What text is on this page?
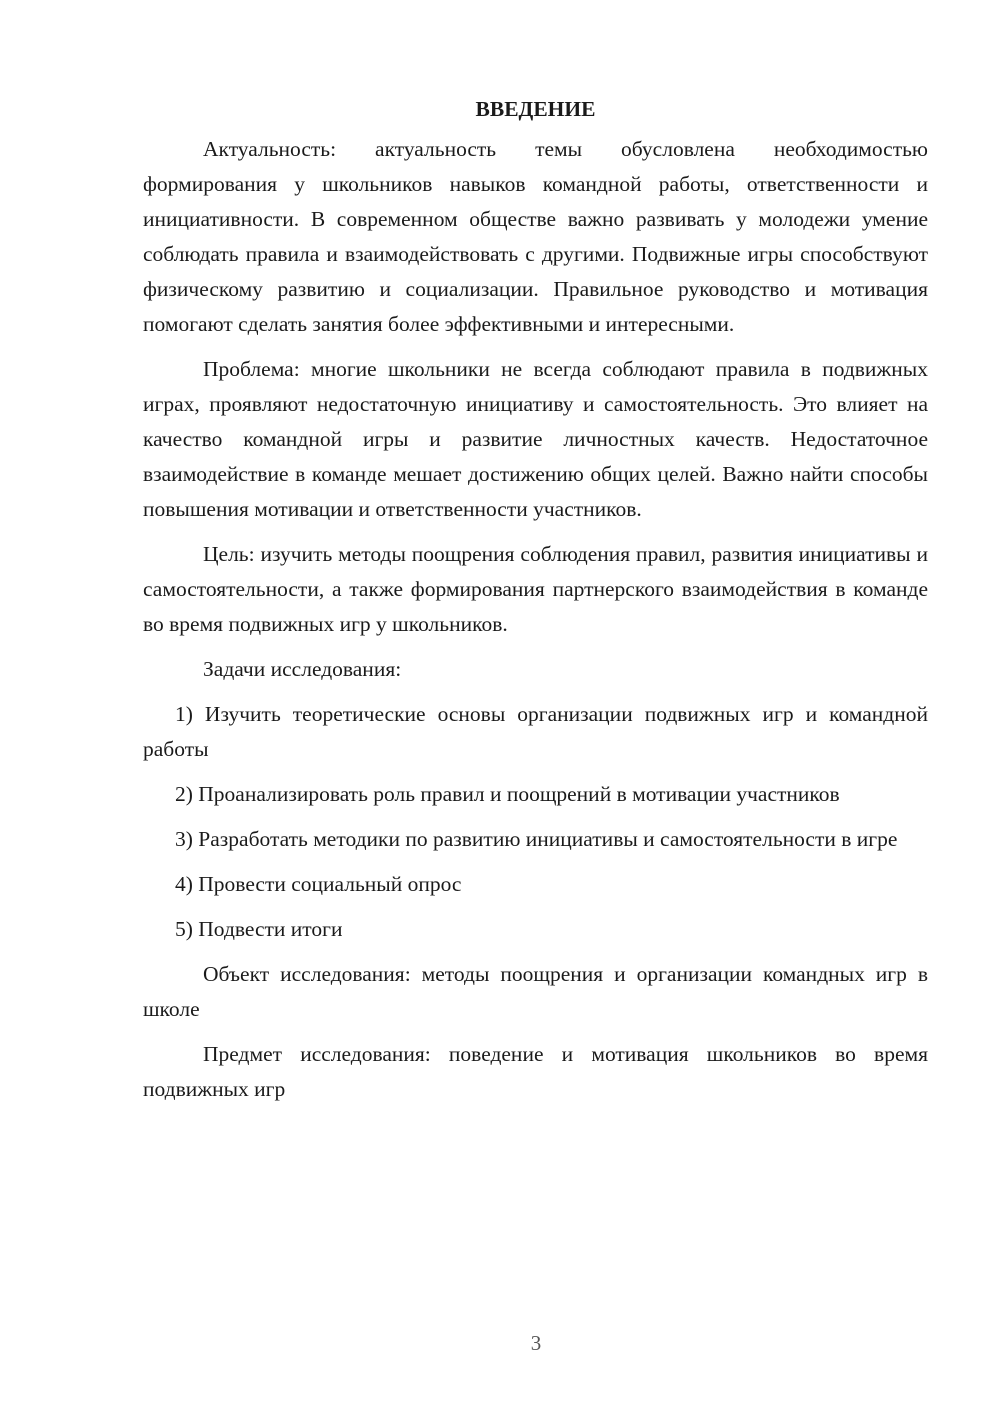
ВВЕДЕНИЕ

Актуальность: актуальность темы обусловлена необходимостью формирования у школьников навыков командной работы, ответственности и инициативности. В современном обществе важно развивать у молодежи умение соблюдать правила и взаимодействовать с другими. Подвижные игры способствуют физическому развитию и социализации. Правильное руководство и мотивация помогают сделать занятия более эффективными и интересными.

Проблема: многие школьники не всегда соблюдают правила в подвижных играх, проявляют недостаточную инициативу и самостоятельность. Это влияет на качество командной игры и развитие личностных качеств. Недостаточное взаимодействие в команде мешает достижению общих целей. Важно найти способы повышения мотивации и ответственности участников.

Цель: изучить методы поощрения соблюдения правил, развития инициативы и самостоятельности, а также формирования партнерского взаимодействия в команде во время подвижных игр у школьников.

Задачи исследования:

1) Изучить теоретические основы организации подвижных игр и командной работы

2) Проанализировать роль правил и поощрений в мотивации участников

3) Разработать методики по развитию инициативы и самостоятельности в игре

4) Провести социальный опрос

5) Подвести итоги

Объект исследования: методы поощрения и организации командных игр в школе

Предмет исследования: поведение и мотивация школьников во время подвижных игр

3
